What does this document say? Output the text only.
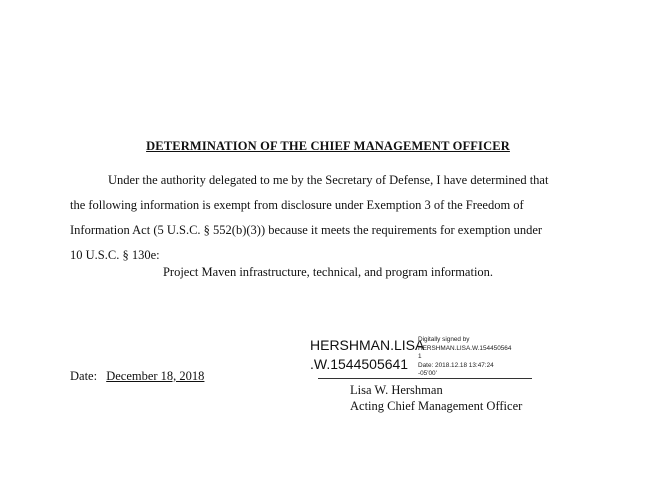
DETERMINATION OF THE CHIEF MANAGEMENT OFFICER
Under the authority delegated to me by the Secretary of Defense, I have determined that
the following information is exempt from disclosure under Exemption 3 of the Freedom of
Information Act (5 U.S.C. § 552(b)(3)) because it meets the requirements for exemption under
10 U.S.C. § 130e:
Project Maven infrastructure, technical, and program information.
HERSHMAN.LISA
.W.1544505641
Digitally signed by
HERSHMAN.LISA.W.154450564
1
Date: 2018.12.18 13:47:24
-05'00'
Lisa W. Hershman
Acting Chief Management Officer
Date: December 18, 2018
